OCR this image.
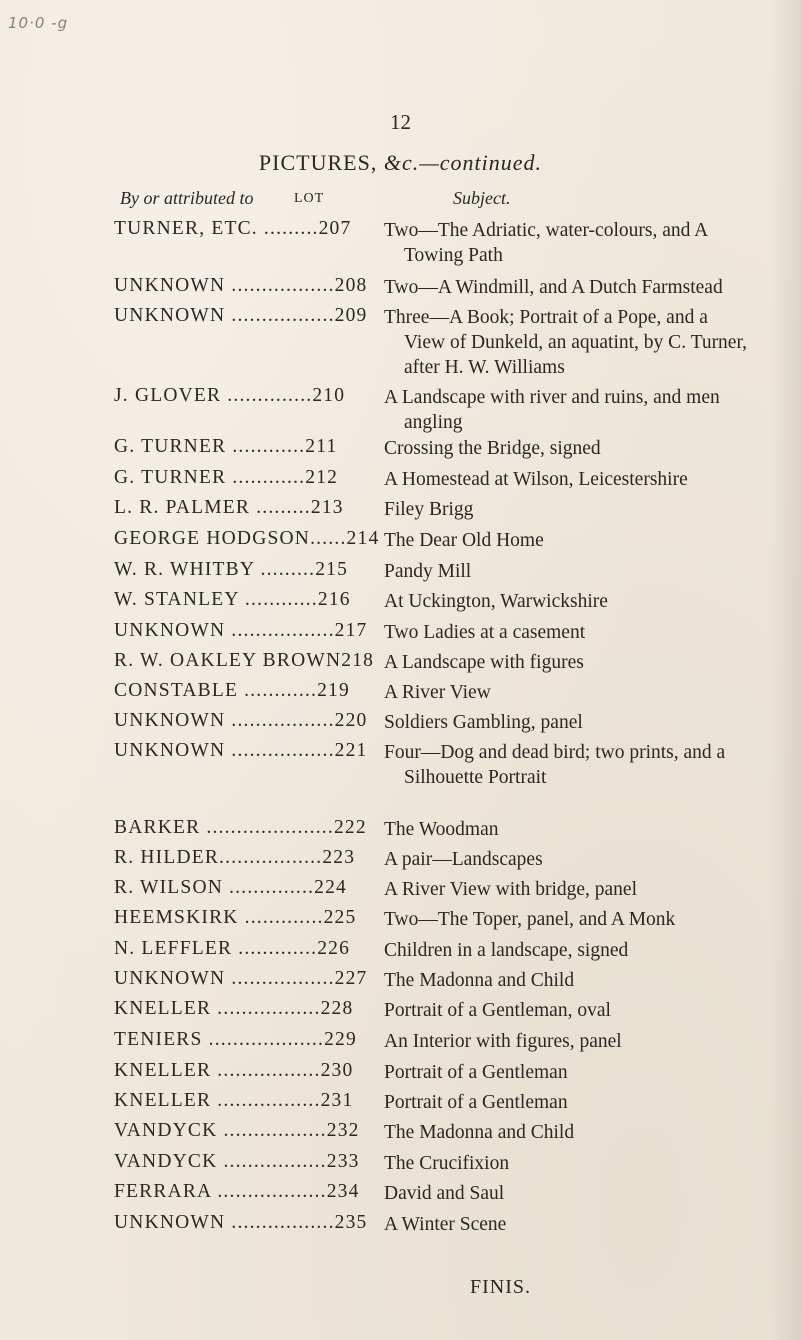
10·0 -g
12
PICTURES, &c.—continued.
By or attributed to	LOT	Subject.
TURNER, ETC. .........207 Two—The Adriatic, water-colours, and A
Towing Path
UNKNOWN .................208 Two—A Windmill, and A Dutch Farmstead
UNKNOWN .................209 Three—A Book; Portrait of a Pope, and a
View of Dunkeld, an aquatint, by C. Turner, after H. W. Williams
J. GLOVER ..............210 A Landscape with river and ruins, and men
angling
G. TURNER ............211	Crossing the Bridge, signed
G. TURNER ............212	A Homestead at Wilson, Leicestershire
L. R. PALMER .........213	Filey Brigg
GEORGE HODGSON......214 The Dear Old Home
W. R. WHITBY .........215 Pandy Mill
W. STANLEY ............216 At Uckington, Warwickshire
UNKNOWN .................217 Two Ladies at a casement
R. W. OAKLEY BROWN218 A Landscape with figures
CONSTABLE ............219 A River View
UNKNOWN .................220 Soldiers Gambling, panel
UNKNOWN .................221 Four—Dog and dead bird; two prints, and a
Silhouette Portrait
BARKER .....................222 The Woodman
R. HILDER.................223 A pair—Landscapes
R. WILSON ..............224 A River View with bridge, panel
HEEMSKIRK .............225 Two—The Toper, panel, and A Monk
N. LEFFLER .............226 Children in a landscape, signed
UNKNOWN .................227 The Madonna and Child
KNELLER .................228 Portrait of a Gentleman, oval
TENIERS ...................229 An Interior with figures, panel
KNELLER .................230 Portrait of a Gentleman
KNELLER .................231 Portrait of a Gentleman
VANDYCK .................232 The Madonna and Child
VANDYCK .................233 The Crucifixion
FERRARA ..................234 David and Saul
UNKNOWN .................235 A Winter Scene
FINIS.
